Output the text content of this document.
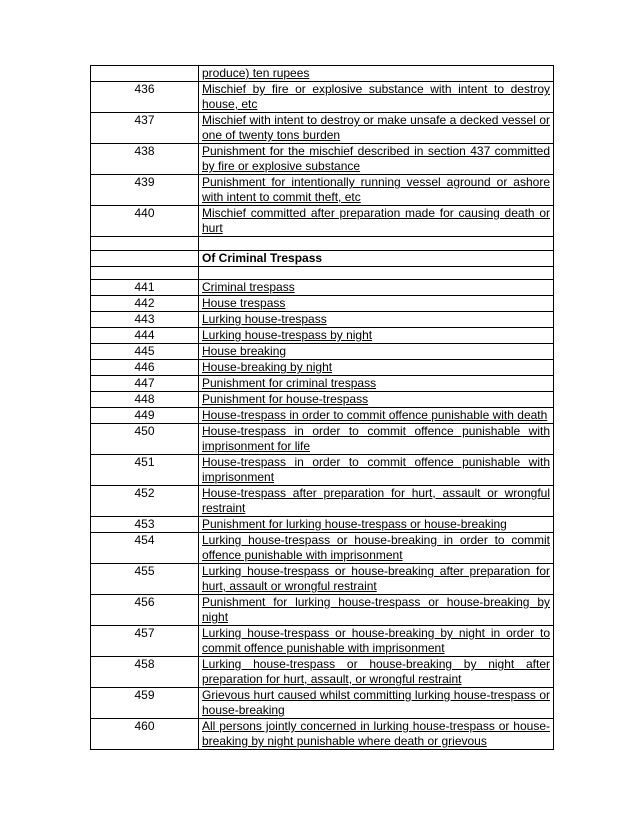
	produce) ten rupees
436	Mischief by fire or explosive substance with intent to destroy house, etc
437	Mischief with intent to destroy or make unsafe a decked vessel or one of twenty tons burden
438	Punishment for the mischief described in section 437 committed by fire or explosive substance
439	Punishment for intentionally running vessel aground or ashore with intent to commit theft, etc
440	Mischief committed after preparation made for causing death or hurt

	Of Criminal Trespass

441	Criminal trespass
442	House trespass
443	Lurking house-trespass
444	Lurking house-trespass by night
445	House breaking
446	House-breaking by night
447	Punishment for criminal trespass
448	Punishment for house-trespass
449	House-trespass in order to commit offence punishable with death
450	House-trespass in order to commit offence punishable with imprisonment for life
451	House-trespass in order to commit offence punishable with imprisonment
452	House-trespass after preparation for hurt, assault or wrongful restraint
453	Punishment for lurking house-trespass or house-breaking
454	Lurking house-trespass or house-breaking in order to commit offence punishable with imprisonment
455	Lurking house-trespass or house-breaking after preparation for hurt, assault or wrongful restraint
456	Punishment for lurking house-trespass or house-breaking by night
457	Lurking house-trespass or house-breaking by night in order to commit offence punishable with imprisonment
458	Lurking house-trespass or house-breaking by night after preparation for hurt, assault, or wrongful restraint
459	Grievous hurt caused whilst committing lurking house-trespass or house-breaking
460	All persons jointly concerned in lurking house-trespass or house- breaking by night punishable where death or grievous
